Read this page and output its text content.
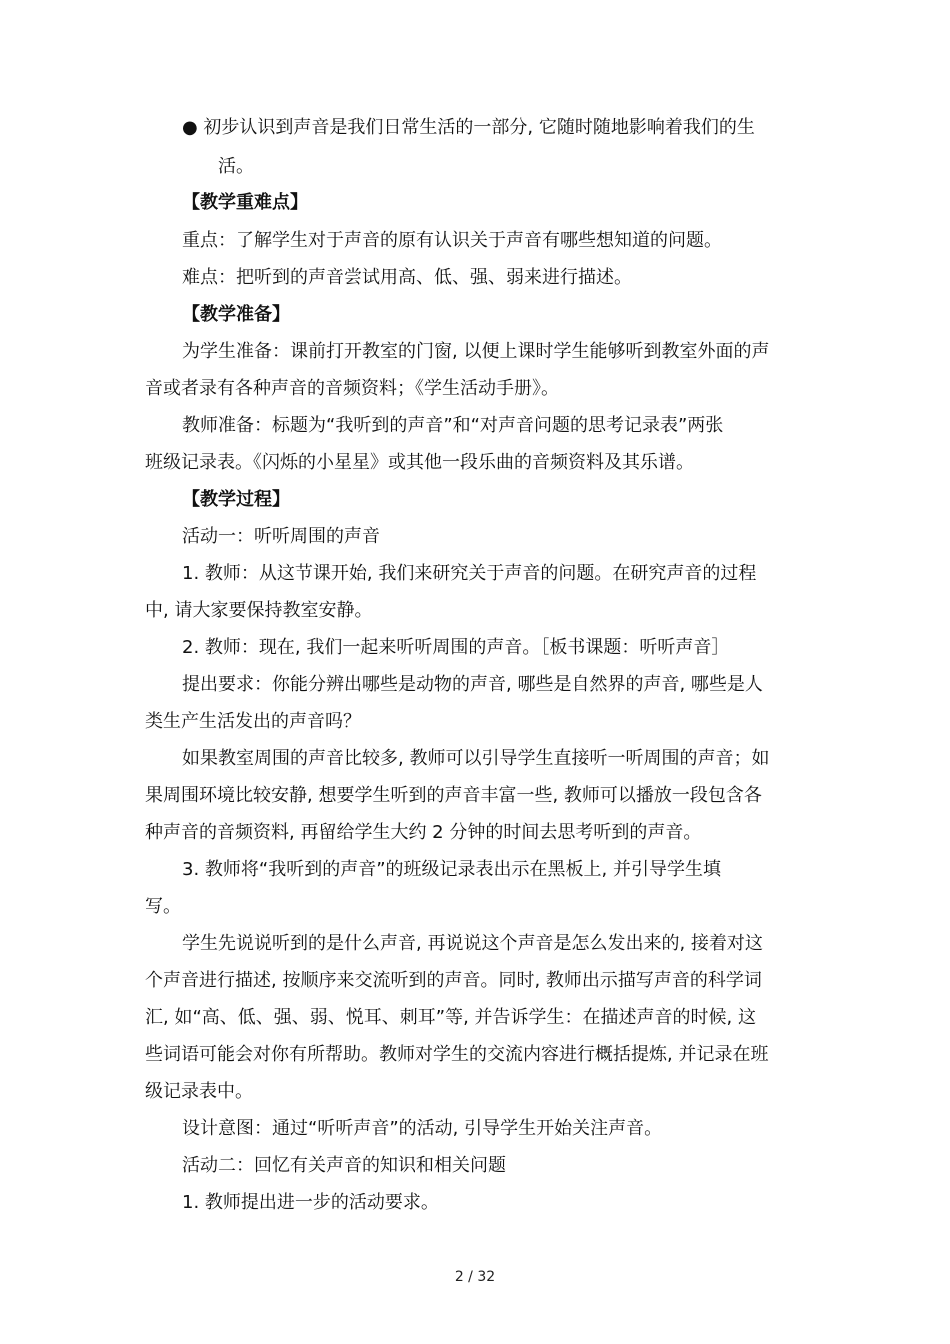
● 初步认识到声音是我们日常生活的一部分, 它随时随地影响着我们的生
活。
【教学重难点】
重点：了解学生对于声音的原有认识关于声音有哪些想知道的问题。
难点：把听到的声音尝试用高、低、强、弱来进行描述。
【教学准备】
为学生准备：课前打开教室的门窗, 以便上课时学生能够听到教室外面的声
音或者录有各种声音的音频资料；《学生活动手册》。
教师准备：标题为“我听到的声音”和“对声音问题的思考记录表”两张
班级记录表。《闪烁的小星星》或其他一段乐曲的音频资料及其乐谱。
【教学过程】
活动一：听听周围的声音
1. 教师：从这节课开始, 我们来研究关于声音的问题。在研究声音的过程
中, 请大家要保持教室安静。
2. 教师：现在, 我们一起来听听周围的声音。［板书课题：听听声音］
提出要求：你能分辨出哪些是动物的声音, 哪些是自然界的声音, 哪些是人
类生产生活发出的声音吗？
如果教室周围的声音比较多, 教师可以引导学生直接听一听周围的声音；如
果周围环境比较安静, 想要学生听到的声音丰富一些, 教师可以播放一段包含各
种声音的音频资料, 再留给学生大约 2 分钟的时间去思考听到的声音。
3. 教师将“我听到的声音”的班级记录表出示在黑板上, 并引导学生填
写。
学生先说说听到的是什么声音, 再说说这个声音是怎么发出来的, 接着对这
个声音进行描述, 按顺序来交流听到的声音。同时, 教师出示描写声音的科学词
汇, 如“高、低、强、弱、悦耳、刺耳”等, 并告诉学生：在描述声音的时候, 这
些词语可能会对你有所帮助。教师对学生的交流内容进行概括提炼, 并记录在班
级记录表中。
设计意图：通过“听听声音”的活动, 引导学生开始关注声音。
活动二：回忆有关声音的知识和相关问题
1. 教师提出进一步的活动要求。
2 / 32
